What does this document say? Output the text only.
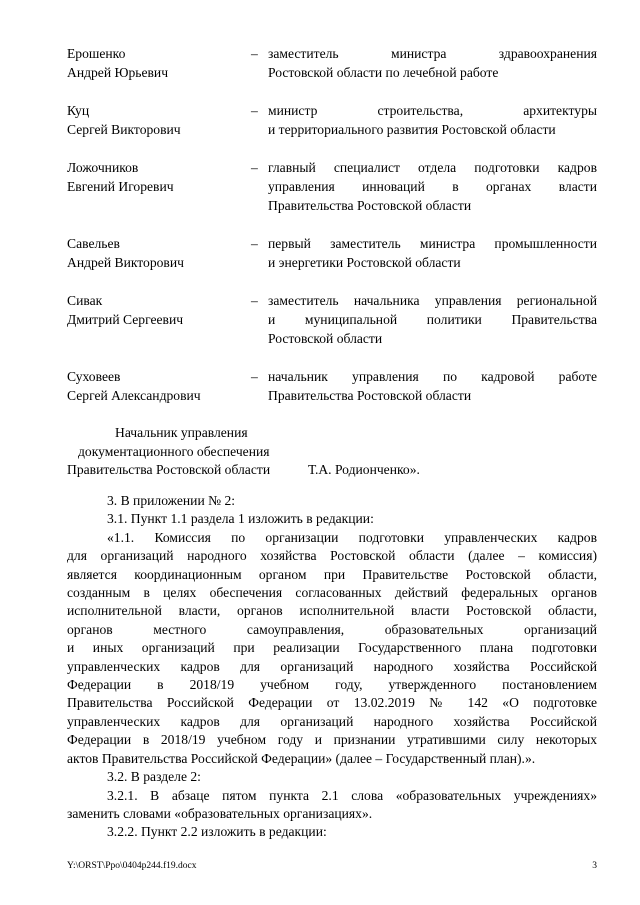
Ерошенко
Андрей Юрьевич
– заместитель министра здравоохранения
Ростовской области по лечебной работе
Куц
Сергей Викторович
– министр строительства, архитектуры
и территориального развития Ростовской области
Ложочников
Евгений Игоревич
– главный специалист отдела подготовки кадров
управления инноваций в органах власти
Правительства Ростовской области
Савельев
Андрей Викторович
– первый заместитель министра промышленности
и энергетики Ростовской области
Сивак
Дмитрий Сергеевич
– заместитель начальника управления региональной
и муниципальной политики Правительства
Ростовской области
Суховеев
Сергей Александрович
– начальник управления по кадровой работе
Правительства Ростовской области
Начальник управления
документационного обеспечения
Правительства Ростовской области	Т.А. Родионченко».

3. В приложении № 2:

3.1. Пункт 1.1 раздела 1 изложить в редакции:

«1.1. Комиссия по организации подготовки управленческих кадров

для организаций народного хозяйства Ростовской области (далее – комиссия)

является координационным органом при Правительстве Ростовской области,

созданным в целях обеспечения согласованных действий федеральных органов

исполнительной власти, органов исполнительной власти Ростовской области,

органов местного самоуправления, образовательных организаций

и иных организаций при реализации Государственного плана подготовки

управленческих кадров для организаций народного хозяйства Российской

Федерации в 2018/19 учебном году, утвержденного постановлением

Правительства Российской Федерации от 13.02.2019 № 142 «О подготовке

управленческих кадров для организаций народного хозяйства Российской

Федерации в 2018/19 учебном году и признании утратившими силу некоторых

актов Правительства Российской Федерации» (далее – Государственный план).».

3.2. В разделе 2:

3.2.1. В абзаце пятом пункта 2.1 слова «образовательных учреждениях»

заменить словами «образовательных организациях».

3.2.2. Пункт 2.2 изложить в редакции:

Y:\ORST\Ppo\0404p244.f19.docx	3
